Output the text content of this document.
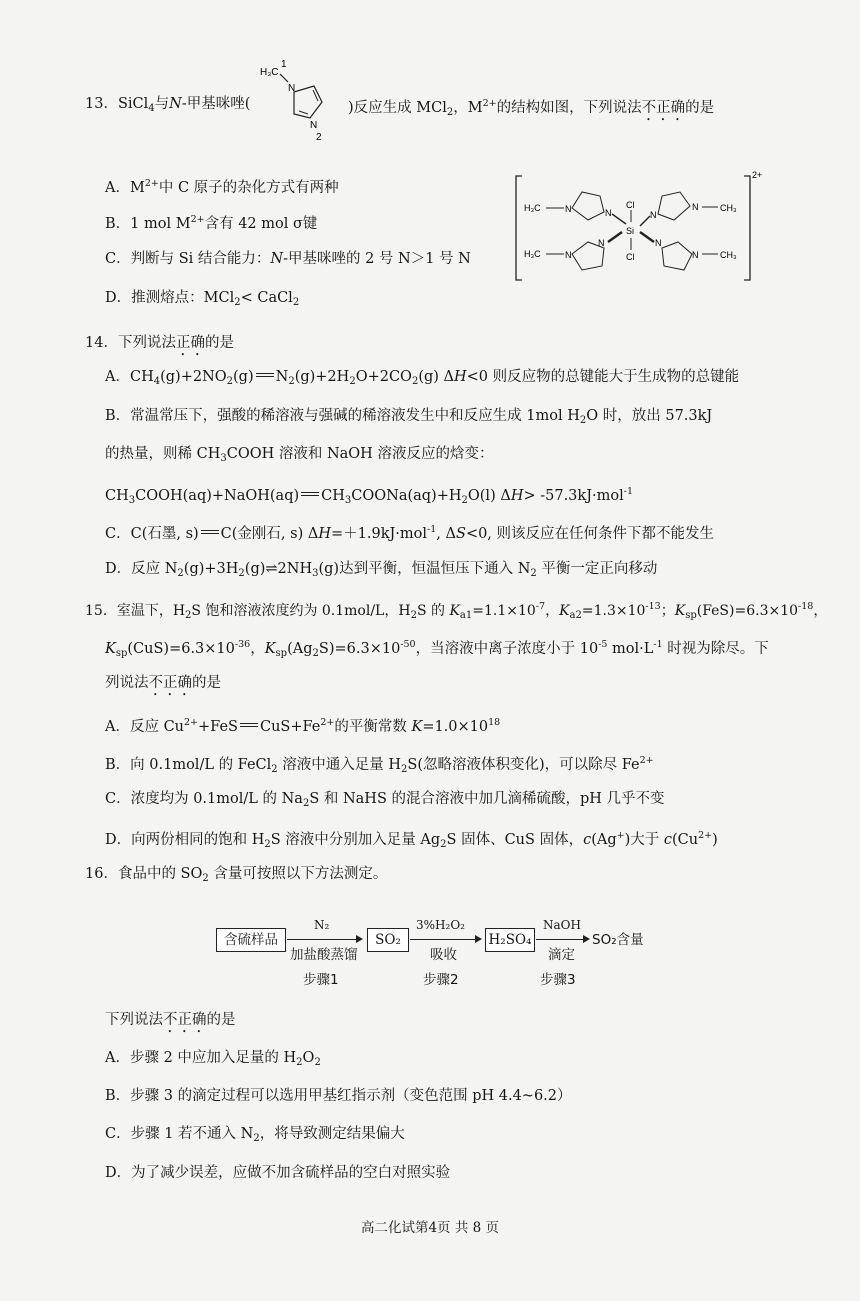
13．SiCl$_4$与N-甲基咪唑(
H₃C
1
N
N
2
)反应生成 MCl$_2$，$M^{2+}$的结构如图，下列说法不正确的是
2+
H₃C	N	N	N
N CH₃
Cl
Si
Cl
H₃C	N
N	N
N CH₃
A．$M^{2+}$中 C 原子的杂化方式有两种
B．1 mol $M^{2+}$含有 42 mol σ键
C．判断与 Si 结合能力：N-甲基咪唑的 2 号 N＞1 号 N
D．推测熔点：MCl$_2$< CaCl$_2$
14．下列说法正确的是
A．$CH_4(g)+2NO_2(g)$ $N_2(g)+2H_2O+2CO_2(g)$ ΔH<0 则反应物的总键能大于生成物的总键能
B．常温常压下，强酸的稀溶液与强碱的稀溶液发生中和反应生成 1mol $H_2O$ 时，放出 57.3kJ
的热量，则稀 $CH_3COOH$ 溶液和 NaOH 溶液反应的焓变：
$CH_3COOH(aq)+NaOH(aq)$ $CH_3COONa(aq)+H_2O(l)$ ΔH> -57.3kJ·mol$^{-1}$
C．C(石墨, s) C(金刚石, s) ΔH=＋1.9kJ·mol$^{-1}$, ΔS<0, 则该反应在任何条件下都不能发生
D．反应 $N_2(g)+3H_2(g)\rightleftharpoons 2NH_3(g)$达到平衡，恒温恒压下通入 $N_2$ 平衡一定正向移动
15．室温下，$H_2S$ 饱和溶液浓度约为 0.1mol/L，$H_2S$ 的 $K_{a1}=1.1\times 10^{-7}$，$K_{a2}=1.3\times 10^{-13}$；$K_{sp}(FeS)=6.3\times 10^{-18}$，
$K_{sp}(CuS)=6.3\times 10^{-36}$，$K_{sp}(Ag_2S)=6.3\times 10^{-50}$，当溶液中离子浓度小于 $10^{-5}$ $mol\cdot L^{-1}$ 时视为除尽。下
列说法不正确的是
A．反应 $Cu^{2+}+FeS$ $CuS+Fe^{2+}$的平衡常数 $K=1.0\times 10^{18}$
B．向 0.1mol/L 的 FeCl$_2$ 溶液中通入足量 $H_2S$(忽略溶液体积变化)，可以除尽 $Fe^{2+}$
C．浓度均为 0.1mol/L 的 $Na_2S$ 和 NaHS 的混合溶液中加几滴稀硫酸，pH 几乎不变
D．向两份相同的饱和 $H_2S$ 溶液中分别加入足量 $Ag_2S$ 固体、CuS 固体，c(Ag+)大于 $c(Cu^{2+})$
16．食品中的 $SO_2$ 含量可按照以下方法测定。
含硫样品
N₂
加盐酸蒸馏
SO₂
3%H₂O₂
吸收
H₂SO₄
NaOH
滴定
SO₂含量
步骤1	步骤2	步骤3
下列说法不正确的是
A．步骤 2 中应加入足量的 $H_2O_2$
B．步骤 3 的滴定过程可以选用甲基红指示剂（变色范围 pH 4.4~6.2）
C．步骤 1 若不通入 $N_2$，将导致测定结果偏大
D．为了减少误差，应做不加含硫样品的空白对照实验
高二化试第4页 共 8 页
